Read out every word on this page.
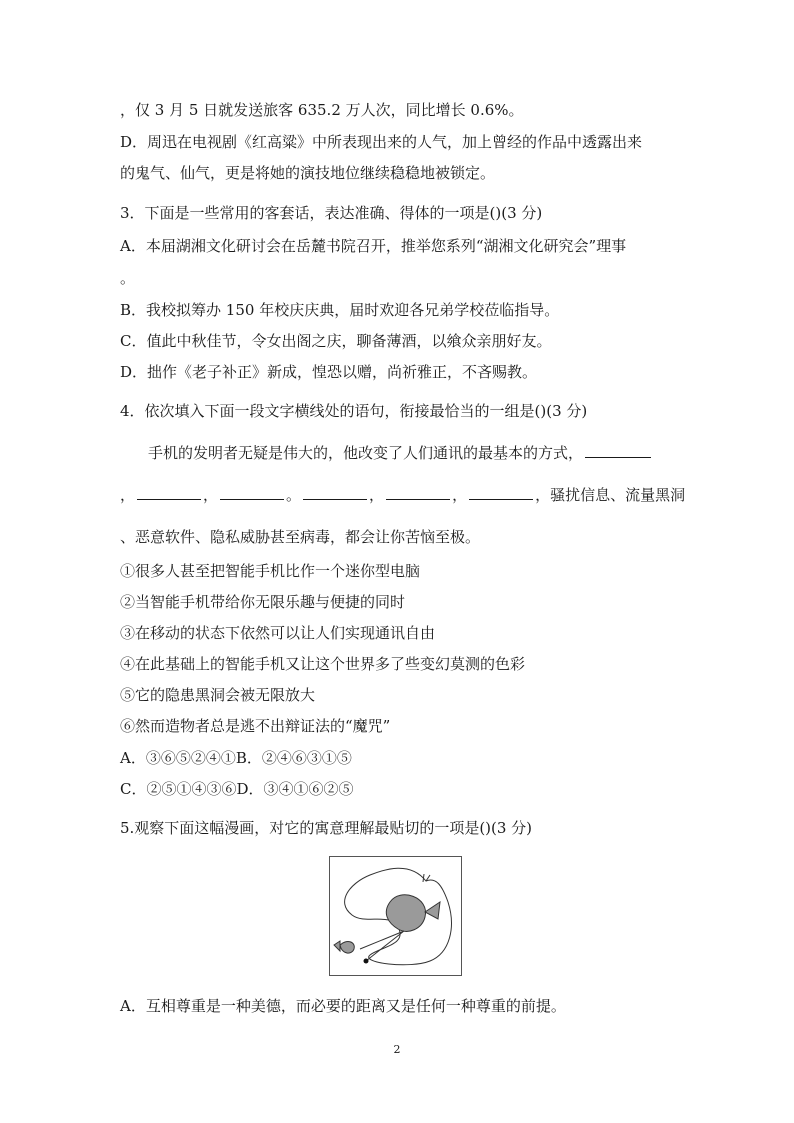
，仅 3 月 5 日就发送旅客 635.2 万人次，同比增长 0.6%。
D．周迅在电视剧《红高粱》中所表现出来的人气，加上曾经的作品中透露出来
的鬼气、仙气，更是将她的演技地位继续稳稳地被锁定。
3．下面是一些常用的客套话，表达准确、得体的一项是()(3 分)
A．本届湖湘文化研讨会在岳麓书院召开，推举您系列“湖湘文化研究会”理事
。
B．我校拟筹办 150 年校庆庆典，届时欢迎各兄弟学校莅临指导。
C．值此中秋佳节，令女出阁之庆，聊备薄酒，以飨众亲朋好友。
D．拙作《老子补正》新成，惶恐以赠，尚祈雅正，不吝赐教。
4．依次填入下面一段文字横线处的语句，衔接最恰当的一组是()(3 分)
手机的发明者无疑是伟大的，他改变了人们通讯的最基本的方式，
，	，	。	，	，	，骚扰信息、流量黑洞
、恶意软件、隐私威胁甚至病毒，都会让你苦恼至极。
①很多人甚至把智能手机比作一个迷你型电脑
②当智能手机带给你无限乐趣与便捷的同时
③在移动的状态下依然可以让人们实现通讯自由
④在此基础上的智能手机又让这个世界多了些变幻莫测的色彩
⑤它的隐患黑洞会被无限放大
⑥然而造物者总是逃不出辩证法的“魔咒”
A．③⑥⑤②④①B．②④⑥③①⑤
C．②⑤①④③⑥D．③④①⑥②⑤
5.观察下面这幅漫画，对它的寓意理解最贴切的一项是()(3 分)
A．互相尊重是一种美德，而必要的距离又是任何一种尊重的前提。
2
